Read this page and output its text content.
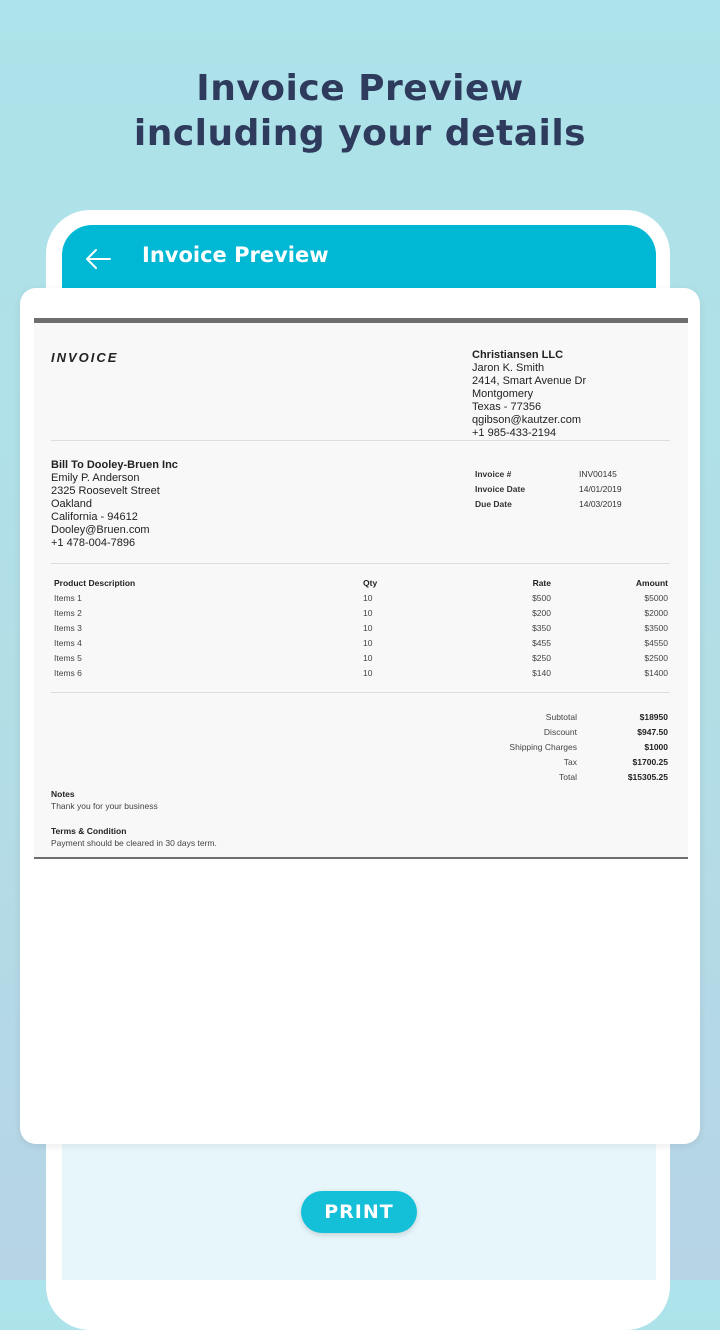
Invoice Preview
including your details
Invoice Preview
PRINT
INVOICE	Christiansen LLC
Jaron K. Smith
2414, Smart Avenue Dr
Montgomery
Texas - 77356
qgibson@kautzer.com
+1 985-433-2194
Bill To Dooley-Bruen Inc
Emily P. Anderson
2325 Roosevelt Street
Oakland
California - 94612
Dooley@Bruen.com
+1 478-004-7896
Invoice #	INV00145
Invoice Date	14/01/2019
Due Date	14/03/2019
Product Description	Qty	Rate	Amount
Items 1	10	$500	$5000
Items 2	10	$200	$2000
Items 3	10	$350	$3500
Items 4	10	$455	$4550
Items 5	10	$250	$2500
Items 6	10	$140	$1400
Subtotal	$18950
Discount	$947.50
Shipping Charges	$1000
Tax	$1700.25
Total	$15305.25
Notes
Thank you for your business
Terms & Condition
Payment should be cleared in 30 days term.
